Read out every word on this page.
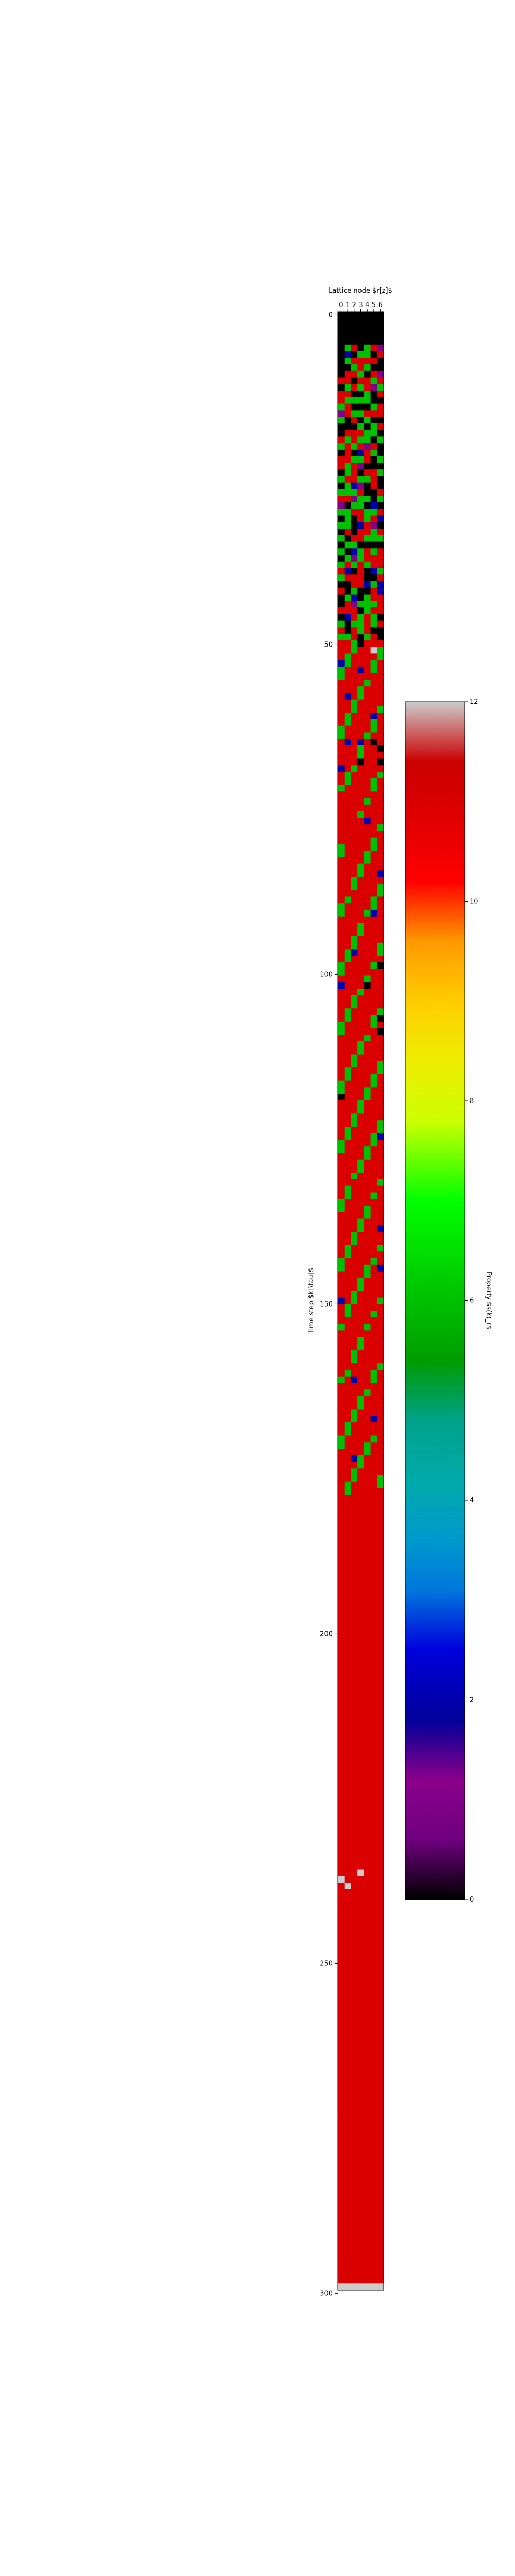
Lattice node $r[z]$
0 1 2 3 4 5 6
Time step $k[\tau]$
0
50
100
150
200
250
300
0
2
4
6
8
10
12
Property $s(k)_r$
